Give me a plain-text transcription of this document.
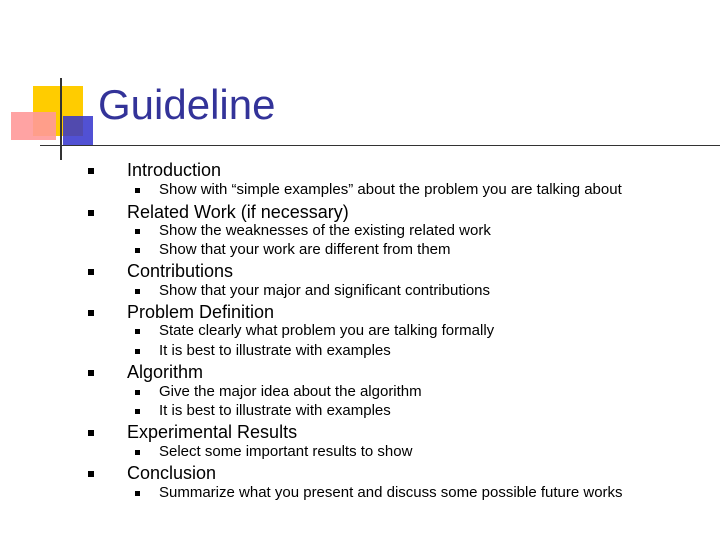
Guideline
Introduction
Show with “simple examples” about the problem you are talking about
Related Work (if necessary)
Show the weaknesses of the existing related work
Show that your work are different from them
Contributions
Show that your major and significant contributions
Problem Definition
State clearly what problem you are talking formally
It is best to illustrate with examples
Algorithm
Give the major idea about the algorithm
It is best to illustrate with examples
Experimental Results
Select some important results to show
Conclusion
Summarize what you present and discuss some possible future works
